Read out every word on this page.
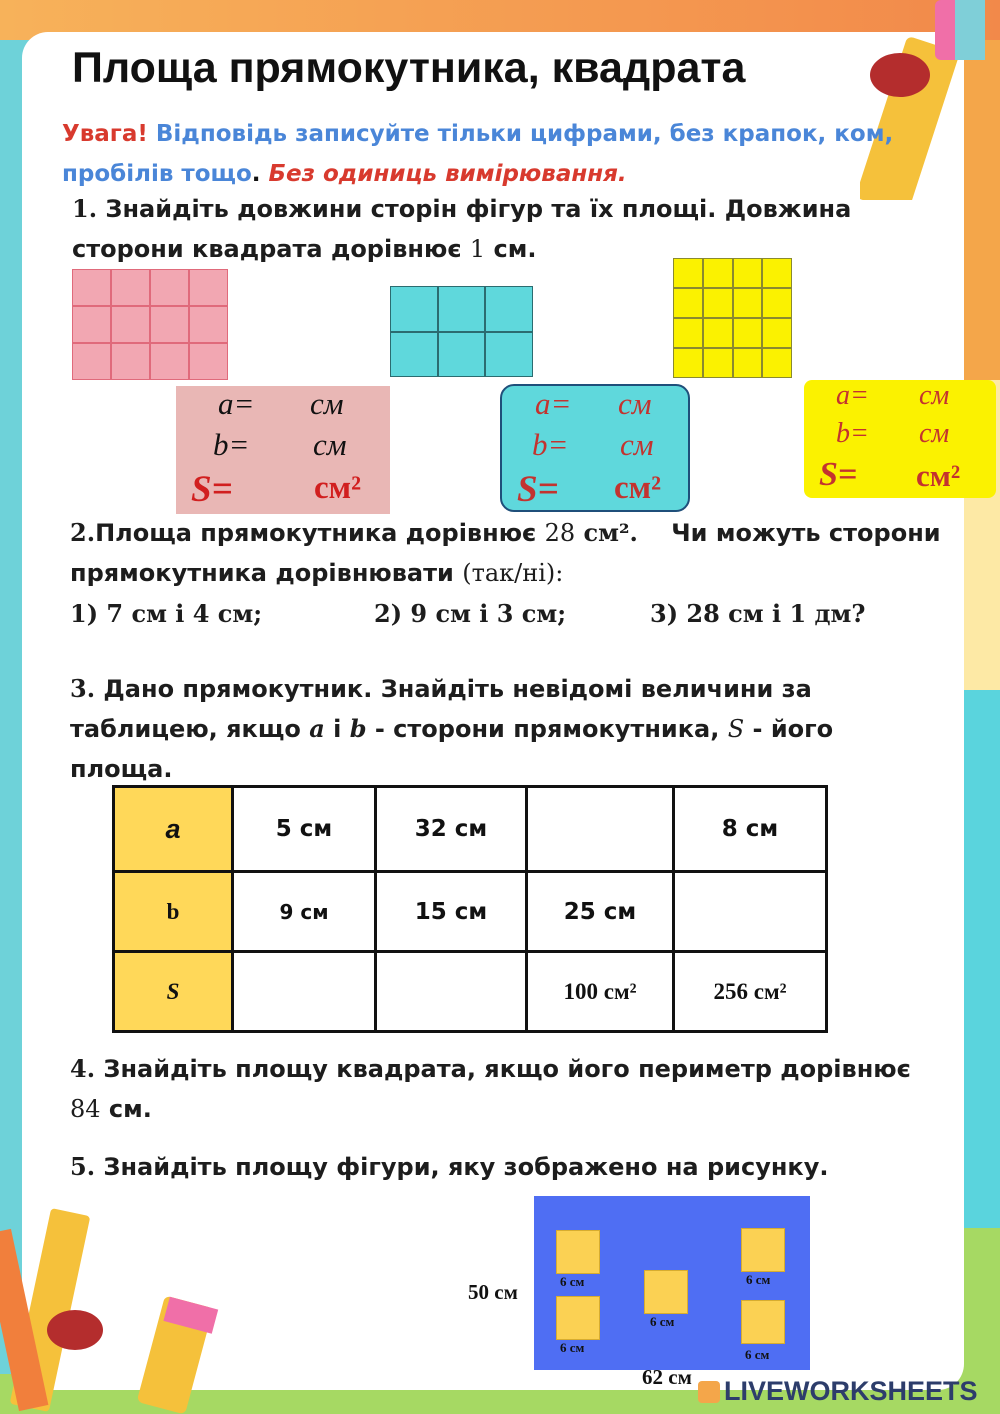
Площа прямокутника, квадрата
Увага! Відповідь записуйте тільки цифрами, без крапок, ком, пробілів тощо. Без одиниць вимірювання.
1. Знайдіть довжини сторін фігур та їх площі. Довжина сторони квадрата дорівнює 1 см.
a= см
b= см
S= см²
a= см
b= см
S= см²
a= см
b= см
S= см²
2.Площа прямокутника дорівнює 28 см². Чи можуть сторони прямокутника дорівнювати (так/ні):
1) 7 см і 4 см;	2) 9 см і 3 см;	3) 28 см і 1 дм?
3. Дано прямокутник. Знайдіть невідомі величини за таблицею, якщо a і b - сторони прямокутника, S - його площа.
a	5 см	32 см		8 см
b	9 см	15 см	25 см	
S			100 см²	256 см²
4. Знайдіть площу квадрата, якщо його периметр дорівнює 84 см.
5. Знайдіть площу фігури, яку зображено на рисунку.
6 см
6 см
6 см
6 см
6 см
50 см
62 см	LIVEWORKSHEETS
